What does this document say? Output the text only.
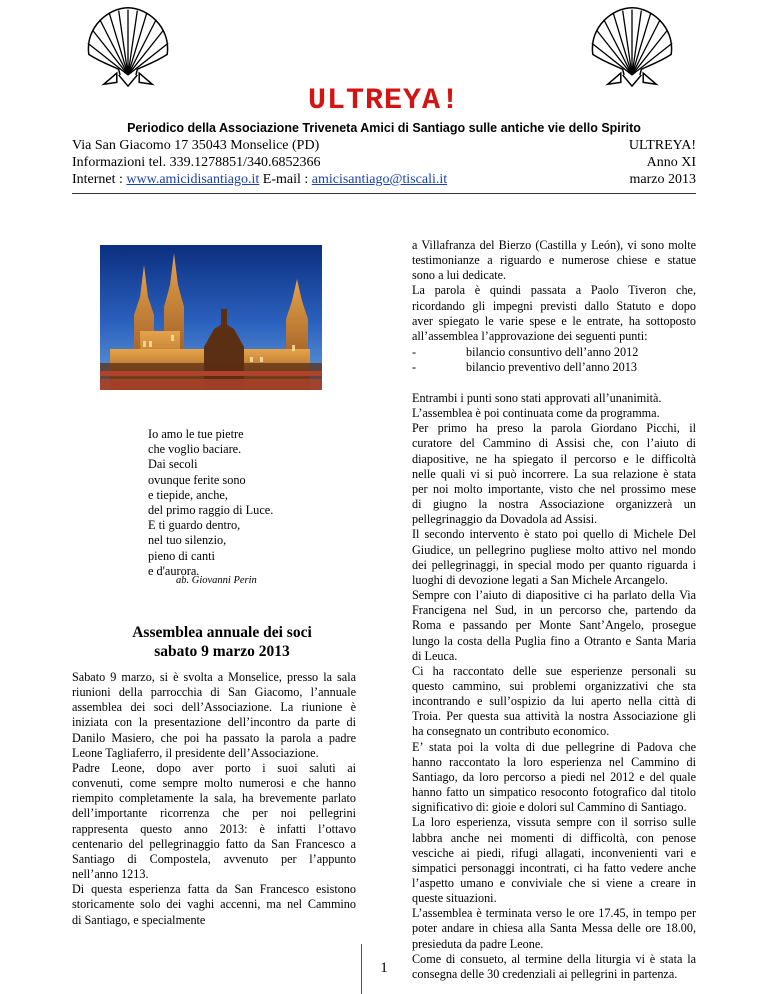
ULTREYA!
Periodico della Associazione Triveneta Amici di Santiago sulle antiche vie dello Spirito
Via San Giacomo 17 35043 Monselice (PD)
Informazioni tel. 339.1278851/340.6852366
Internet : www.amicidisantiago.it E-mail : amicisantiago@tiscali.it
ULTREYA!
Anno XI
marzo 2013
Io amo le tue pietre
che voglio baciare.
Dai secoli
ovunque ferite sono
e tiepide, anche,
del primo raggio di Luce.
E ti guardo dentro,
nel tuo silenzio,
pieno di canti
e d'aurora.
ab. Giovanni Perin
Assemblea annuale dei soci
sabato 9 marzo 2013
Sabato 9 marzo, si è svolta a Monselice, presso la sala
riunioni della parrocchia di San Giacomo, l’annuale
assemblea dei soci dell’Associazione. La riunione è
iniziata con la presentazione dell’incontro da parte di
Danilo Masiero, che poi ha passato la parola a padre
Leone Tagliaferro, il presidente dell’Associazione.
Padre Leone, dopo aver porto i suoi saluti ai
convenuti, come sempre molto numerosi e che hanno
riempito completamente la sala, ha brevemente parlato
dell’importante ricorrenza che per noi pellegrini
rappresenta questo anno 2013: è infatti l’ottavo
centenario del pellegrinaggio fatto da San Francesco a
Santiago di Compostela, avvenuto per l’appunto
nell’anno 1213.
Di questa esperienza fatta da San Francesco esistono
storicamente solo dei vaghi accenni, ma nel Cammino
di Santiago, e specialmente
a Villafranza del Bierzo (Castilla y León), vi sono molte
testimonianze a riguardo e numerose chiese e statue
sono a lui dedicate.
La parola è quindi passata a Paolo Tiveron che,
ricordando gli impegni previsti dallo Statuto e dopo
aver spiegato le varie spese e le entrate, ha sottoposto
all’assemblea l’approvazione dei seguenti punti:
-	bilancio consuntivo dell’anno 2012
-	bilancio preventivo dell’anno 2013
Entrambi i punti sono stati approvati all’unanimità.
L’assemblea è poi continuata come da programma.
Per primo ha preso la parola Giordano Picchi, il
curatore del Cammino di Assisi che, con l’aiuto di
diapositive, ne ha spiegato il percorso e le difficoltà
nelle quali vi si può incorrere. La sua relazione è stata
per noi molto importante, visto che nel prossimo mese
di giugno la nostra Associazione organizzerà un
pellegrinaggio da Dovadola ad Assisi.
Il secondo intervento è stato poi quello di Michele Del
Giudice, un pellegrino pugliese molto attivo nel mondo
dei pellegrinaggi, in special modo per quanto riguarda i
luoghi di devozione legati a San Michele Arcangelo.
Sempre con l’aiuto di diapositive ci ha parlato della Via
Francigena nel Sud, in un percorso che, partendo da
Roma e passando per Monte Sant’Angelo, prosegue
lungo la costa della Puglia fino a Otranto e Santa Maria
di Leuca.
Ci ha raccontato delle sue esperienze personali su
questo cammino, sui problemi organizzativi che sta
incontrando e sull’ospizio da lui aperto nella città di
Troia. Per questa sua attività la nostra Associazione gli
ha consegnato un contributo economico.
E’ stata poi la volta di due pellegrine di Padova che
hanno raccontato la loro esperienza nel Cammino di
Santiago, da loro percorso a piedi nel 2012 e del quale
hanno fatto un simpatico resoconto fotografico dal titolo
significativo di: gioie e dolori sul Cammino di Santiago.
La loro esperienza, vissuta sempre con il sorriso sulle
labbra anche nei momenti di difficoltà, con penose
vesciche ai piedi, rifugi allagati, inconvenienti vari e
simpatici personaggi incontrati, ci ha fatto vedere anche
l’aspetto umano e conviviale che si viene a creare in
queste situazioni.
L’assemblea è terminata verso le ore 17.45, in tempo per
poter andare in chiesa alla Santa Messa delle ore 18.00,
presieduta da padre Leone.
Come di consueto, al termine della liturgia vi è stata la
consegna delle 30 credenziali ai pellegrini in partenza.
1
